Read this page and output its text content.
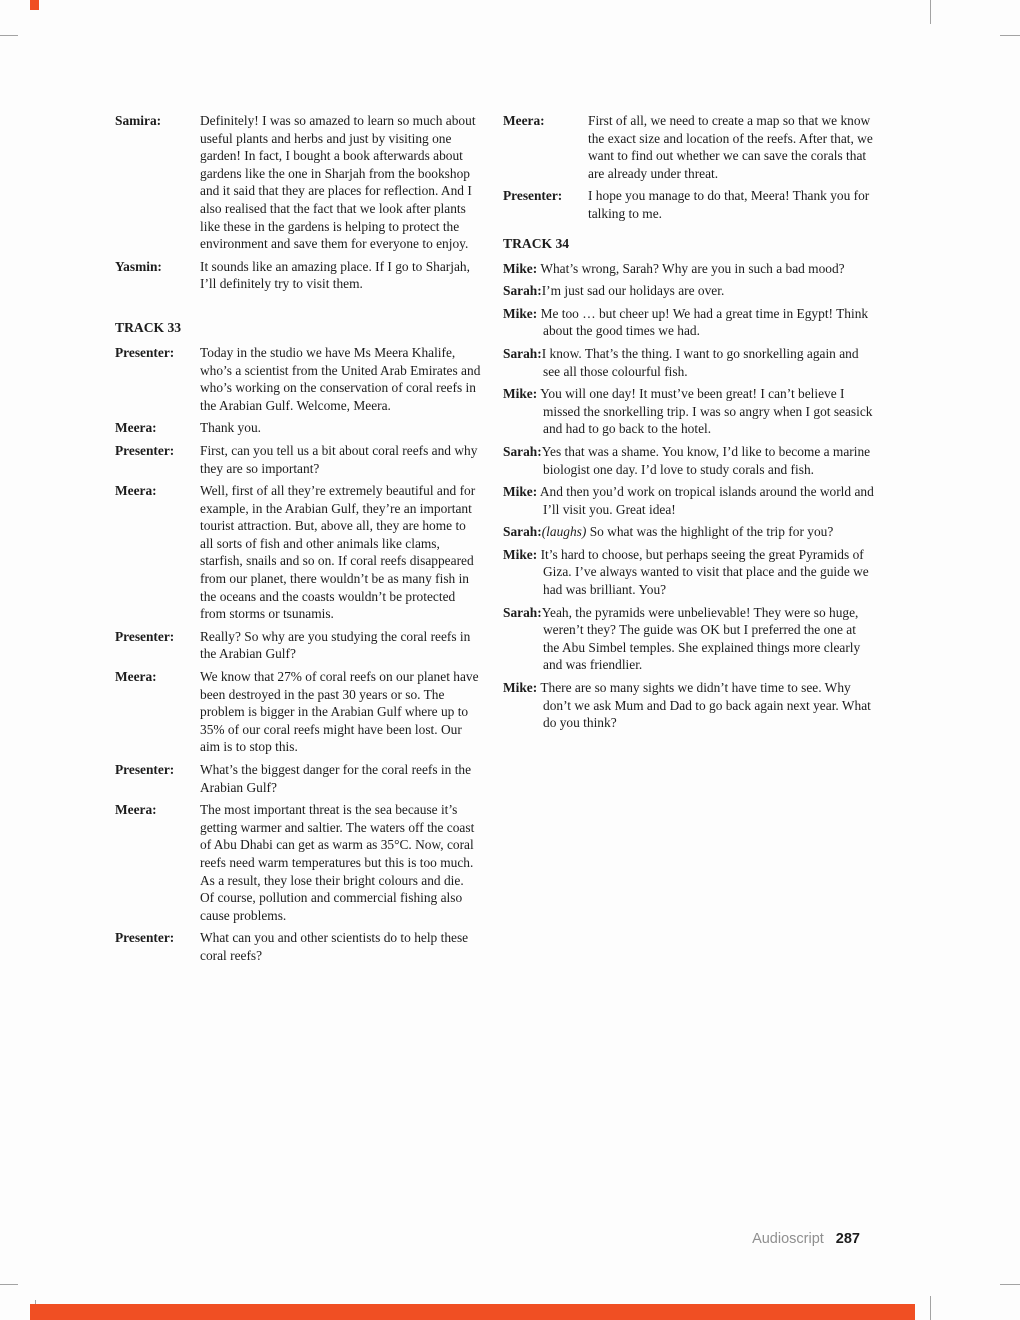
Samira:	Definitely! I was so amazed to learn so much about useful plants and herbs and just by visiting one garden! In fact, I bought a book afterwards about gardens like the one in Sharjah from the bookshop and it said that they are places for reflection. And I also realised that the fact that we look after plants like these in the gardens is helping to protect the environment and save them for everyone to enjoy.
Yasmin:	It sounds like an amazing place. If I go to Sharjah, I’ll definitely try to visit them.
TRACK 33
Presenter:	Today in the studio we have Ms Meera Khalife, who’s a scientist from the United Arab Emirates and who’s working on the conservation of coral reefs in the Arabian Gulf. Welcome, Meera.
Meera:	Thank you.
Presenter:	First, can you tell us a bit about coral reefs and why they are so important?
Meera:	Well, first of all they’re extremely beautiful and for example, in the Arabian Gulf, they’re an important tourist attraction. But, above all, they are home to all sorts of fish and other animals like clams, starfish, snails and so on. If coral reefs disappeared from our planet, there wouldn’t be as many fish in the oceans and the coasts wouldn’t be protected from storms or tsunamis.
Presenter:	Really? So why are you studying the coral reefs in the Arabian Gulf?
Meera:	We know that 27% of coral reefs on our planet have been destroyed in the past 30 years or so. The problem is bigger in the Arabian Gulf where up to 35% of our coral reefs might have been lost. Our aim is to stop this.
Presenter:	What’s the biggest danger for the coral reefs in the Arabian Gulf?
Meera:	The most important threat is the sea because it’s getting warmer and saltier. The waters off the coast of Abu Dhabi can get as warm as 35°C. Now, coral reefs need warm temperatures but this is too much. As a result, they lose their bright colours and die. Of course, pollution and commercial fishing also cause problems.
Presenter:	What can you and other scientists do to help these coral reefs?
Meera:	First of all, we need to create a map so that we know the exact size and location of the reefs. After that, we want to find out whether we can save the corals that are already under threat.
Presenter:	I hope you manage to do that, Meera! Thank you for talking to me.
TRACK 34
Mike: What’s wrong, Sarah? Why are you in such a bad mood?
Sarah:I’m just sad our holidays are over.
Mike: Me too … but cheer up! We had a great time in Egypt! Think about the good times we had.
Sarah:I know. That’s the thing. I want to go snorkelling again and see all those colourful fish.
Mike: You will one day! It must’ve been great! I can’t believe I missed the snorkelling trip. I was so angry when I got seasick and had to go back to the hotel.
Sarah:Yes that was a shame. You know, I’d like to become a marine biologist one day. I’d love to study corals and fish.
Mike: And then you’d work on tropical islands around the world and I’ll visit you. Great idea!
Sarah:(laughs) So what was the highlight of the trip for you?
Mike: It’s hard to choose, but perhaps seeing the great Pyramids of Giza. I’ve always wanted to visit that place and the guide we had was brilliant. You?
Sarah:Yeah, the pyramids were unbelievable! They were so huge, weren’t they? The guide was OK but I preferred the one at the Abu Simbel temples. She explained things more clearly and was friendlier.
Mike: There are so many sights we didn’t have time to see. Why don’t we ask Mum and Dad to go back again next year. What do you think?
Audioscript 287
